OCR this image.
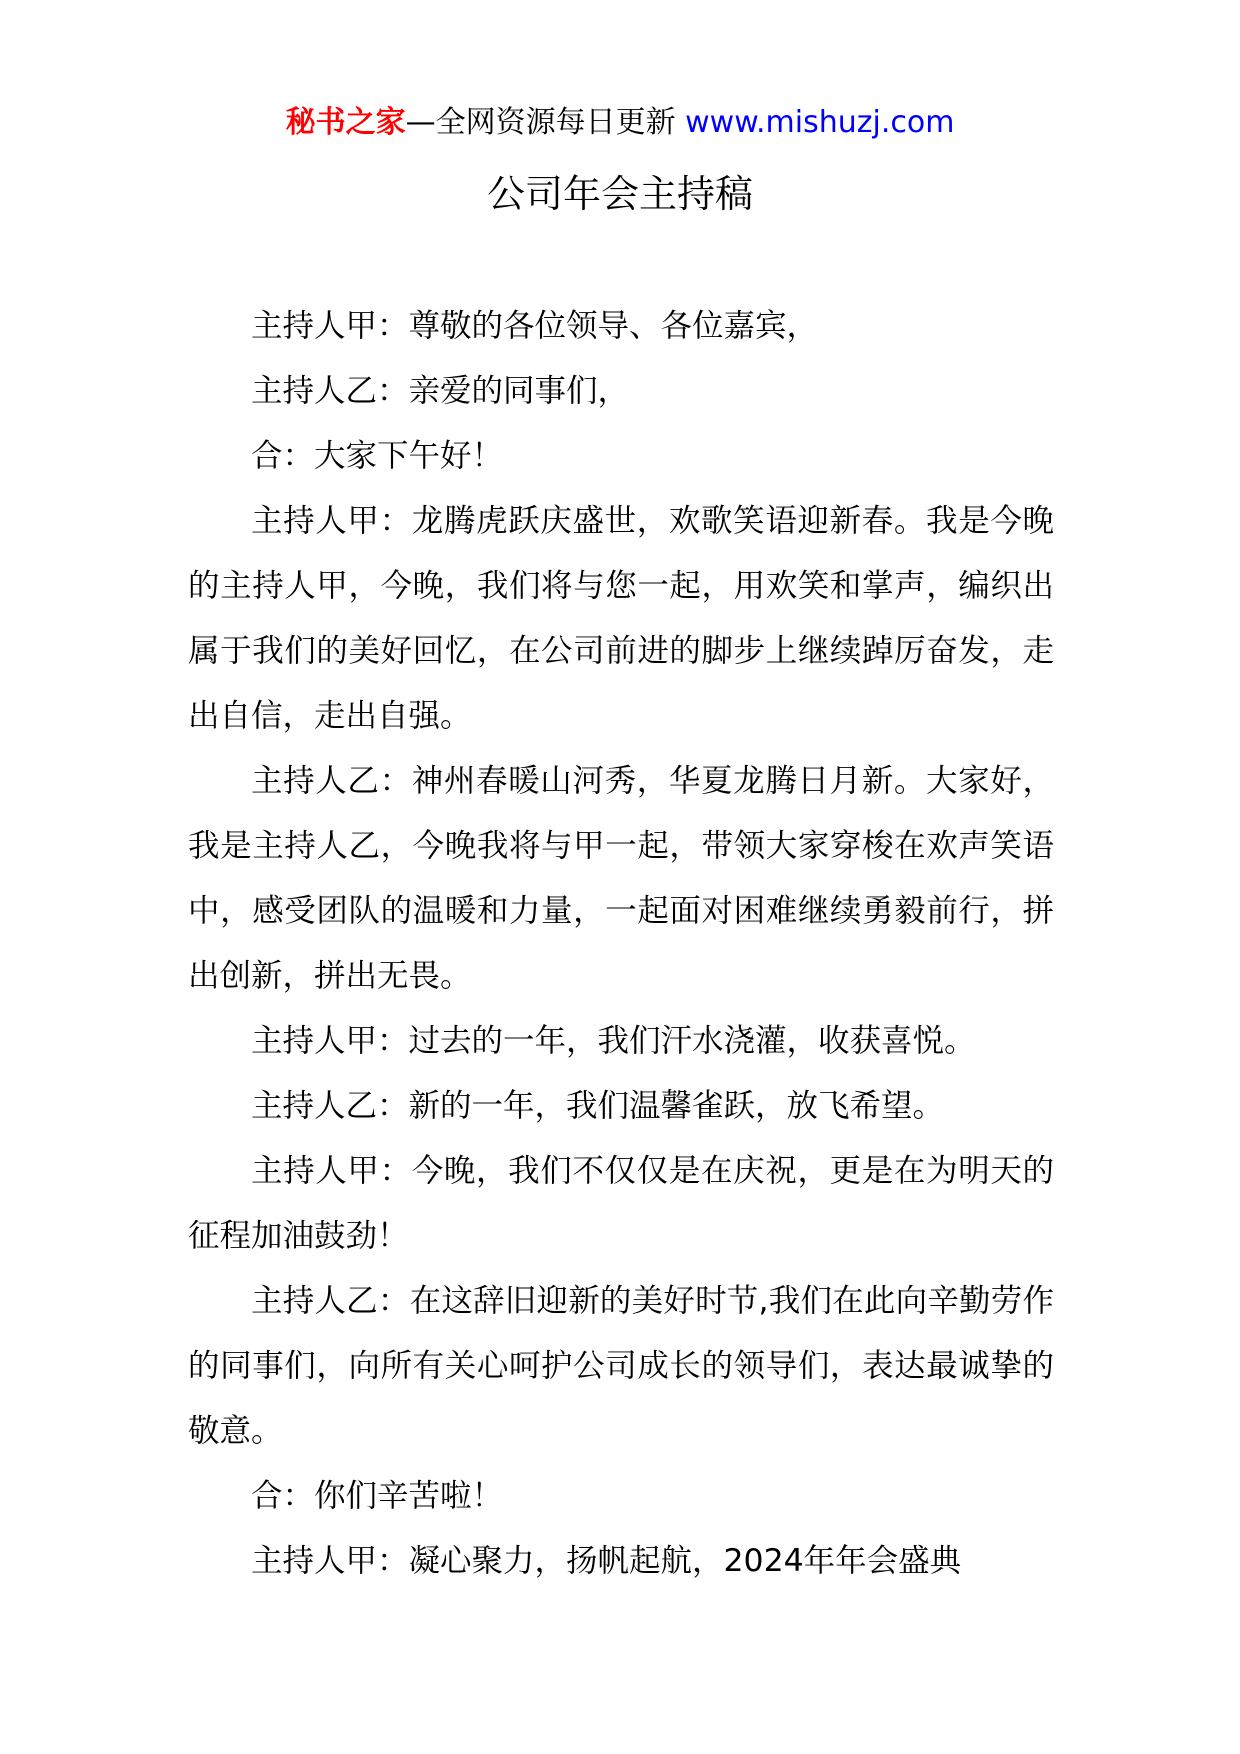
秘书之家—全网资源每日更新 www.mishuzj.com
公司年会主持稿

主持人甲：尊敬的各位领导、各位嘉宾，

主持人乙：亲爱的同事们，

合：大家下午好！

主持人甲：龙腾虎跃庆盛世，欢歌笑语迎新春。我是今晚的主持人甲，今晚，我们将与您一起，用欢笑和掌声，编织出属于我们的美好回忆，在公司前进的脚步上继续踔厉奋发，走出自信，走出自强。

主持人乙：神州春暖山河秀，华夏龙腾日月新。大家好，我是主持人乙，今晚我将与甲一起，带领大家穿梭在欢声笑语中，感受团队的温暖和力量，一起面对困难继续勇毅前行，拼出创新，拼出无畏。

主持人甲：过去的一年，我们汗水浇灌，收获喜悦。

主持人乙：新的一年，我们温馨雀跃，放飞希望。

主持人甲：今晚，我们不仅仅是在庆祝，更是在为明天的征程加油鼓劲！

主持人乙：在这辞旧迎新的美好时节,我们在此向辛勤劳作的同事们，向所有关心呵护公司成长的领导们，表达最诚挚的敬意。

合：你们辛苦啦！

主持人甲：凝心聚力，扬帆起航，2024年年会盛典
